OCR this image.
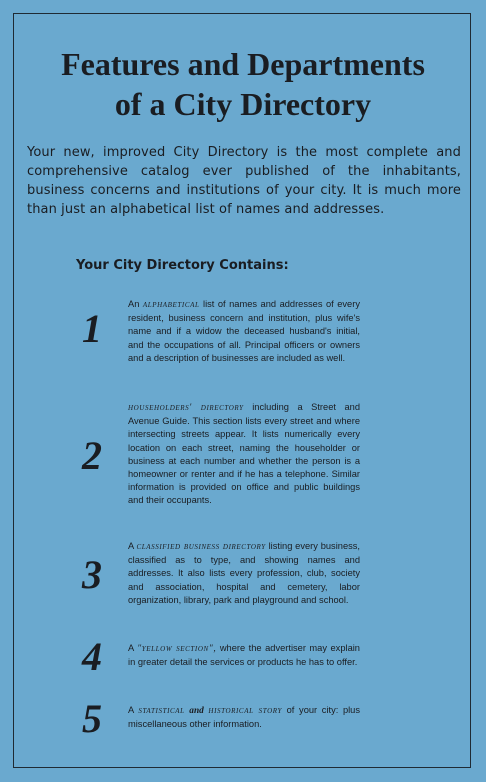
Features and Departments
of a City Directory
Your new, improved City Directory is the most complete and comprehensive catalog ever published of the inhabitants, business concerns and institutions of your city. It is much more than just an alphabetical list of names and addresses.
Your City Directory Contains:
1
An alphabetical list of names and addresses of every resident, business concern and institution, plus wife's name and if a widow the deceased husband's initial, and the occupations of all. Principal officers or owners and a description of businesses are included as well.
2
householders' directory including a Street and Avenue Guide. This section lists every street and where intersecting streets appear. It lists numerically every location on each street, naming the householder or business at each number and whether the person is a homeowner or renter and if he has a telephone. Similar information is provided on office and public buildings and their occupants.
3
A classified business directory listing every business, classified as to type, and showing names and addresses. It also lists every profession, club, society and association, hospital and cemetery, labor organization, library, park and playground and school.
4	A "yellow section", where the advertiser may explain in greater detail the services or products he has to offer.
5	A statistical and historical story of your city: plus miscellaneous other information.
